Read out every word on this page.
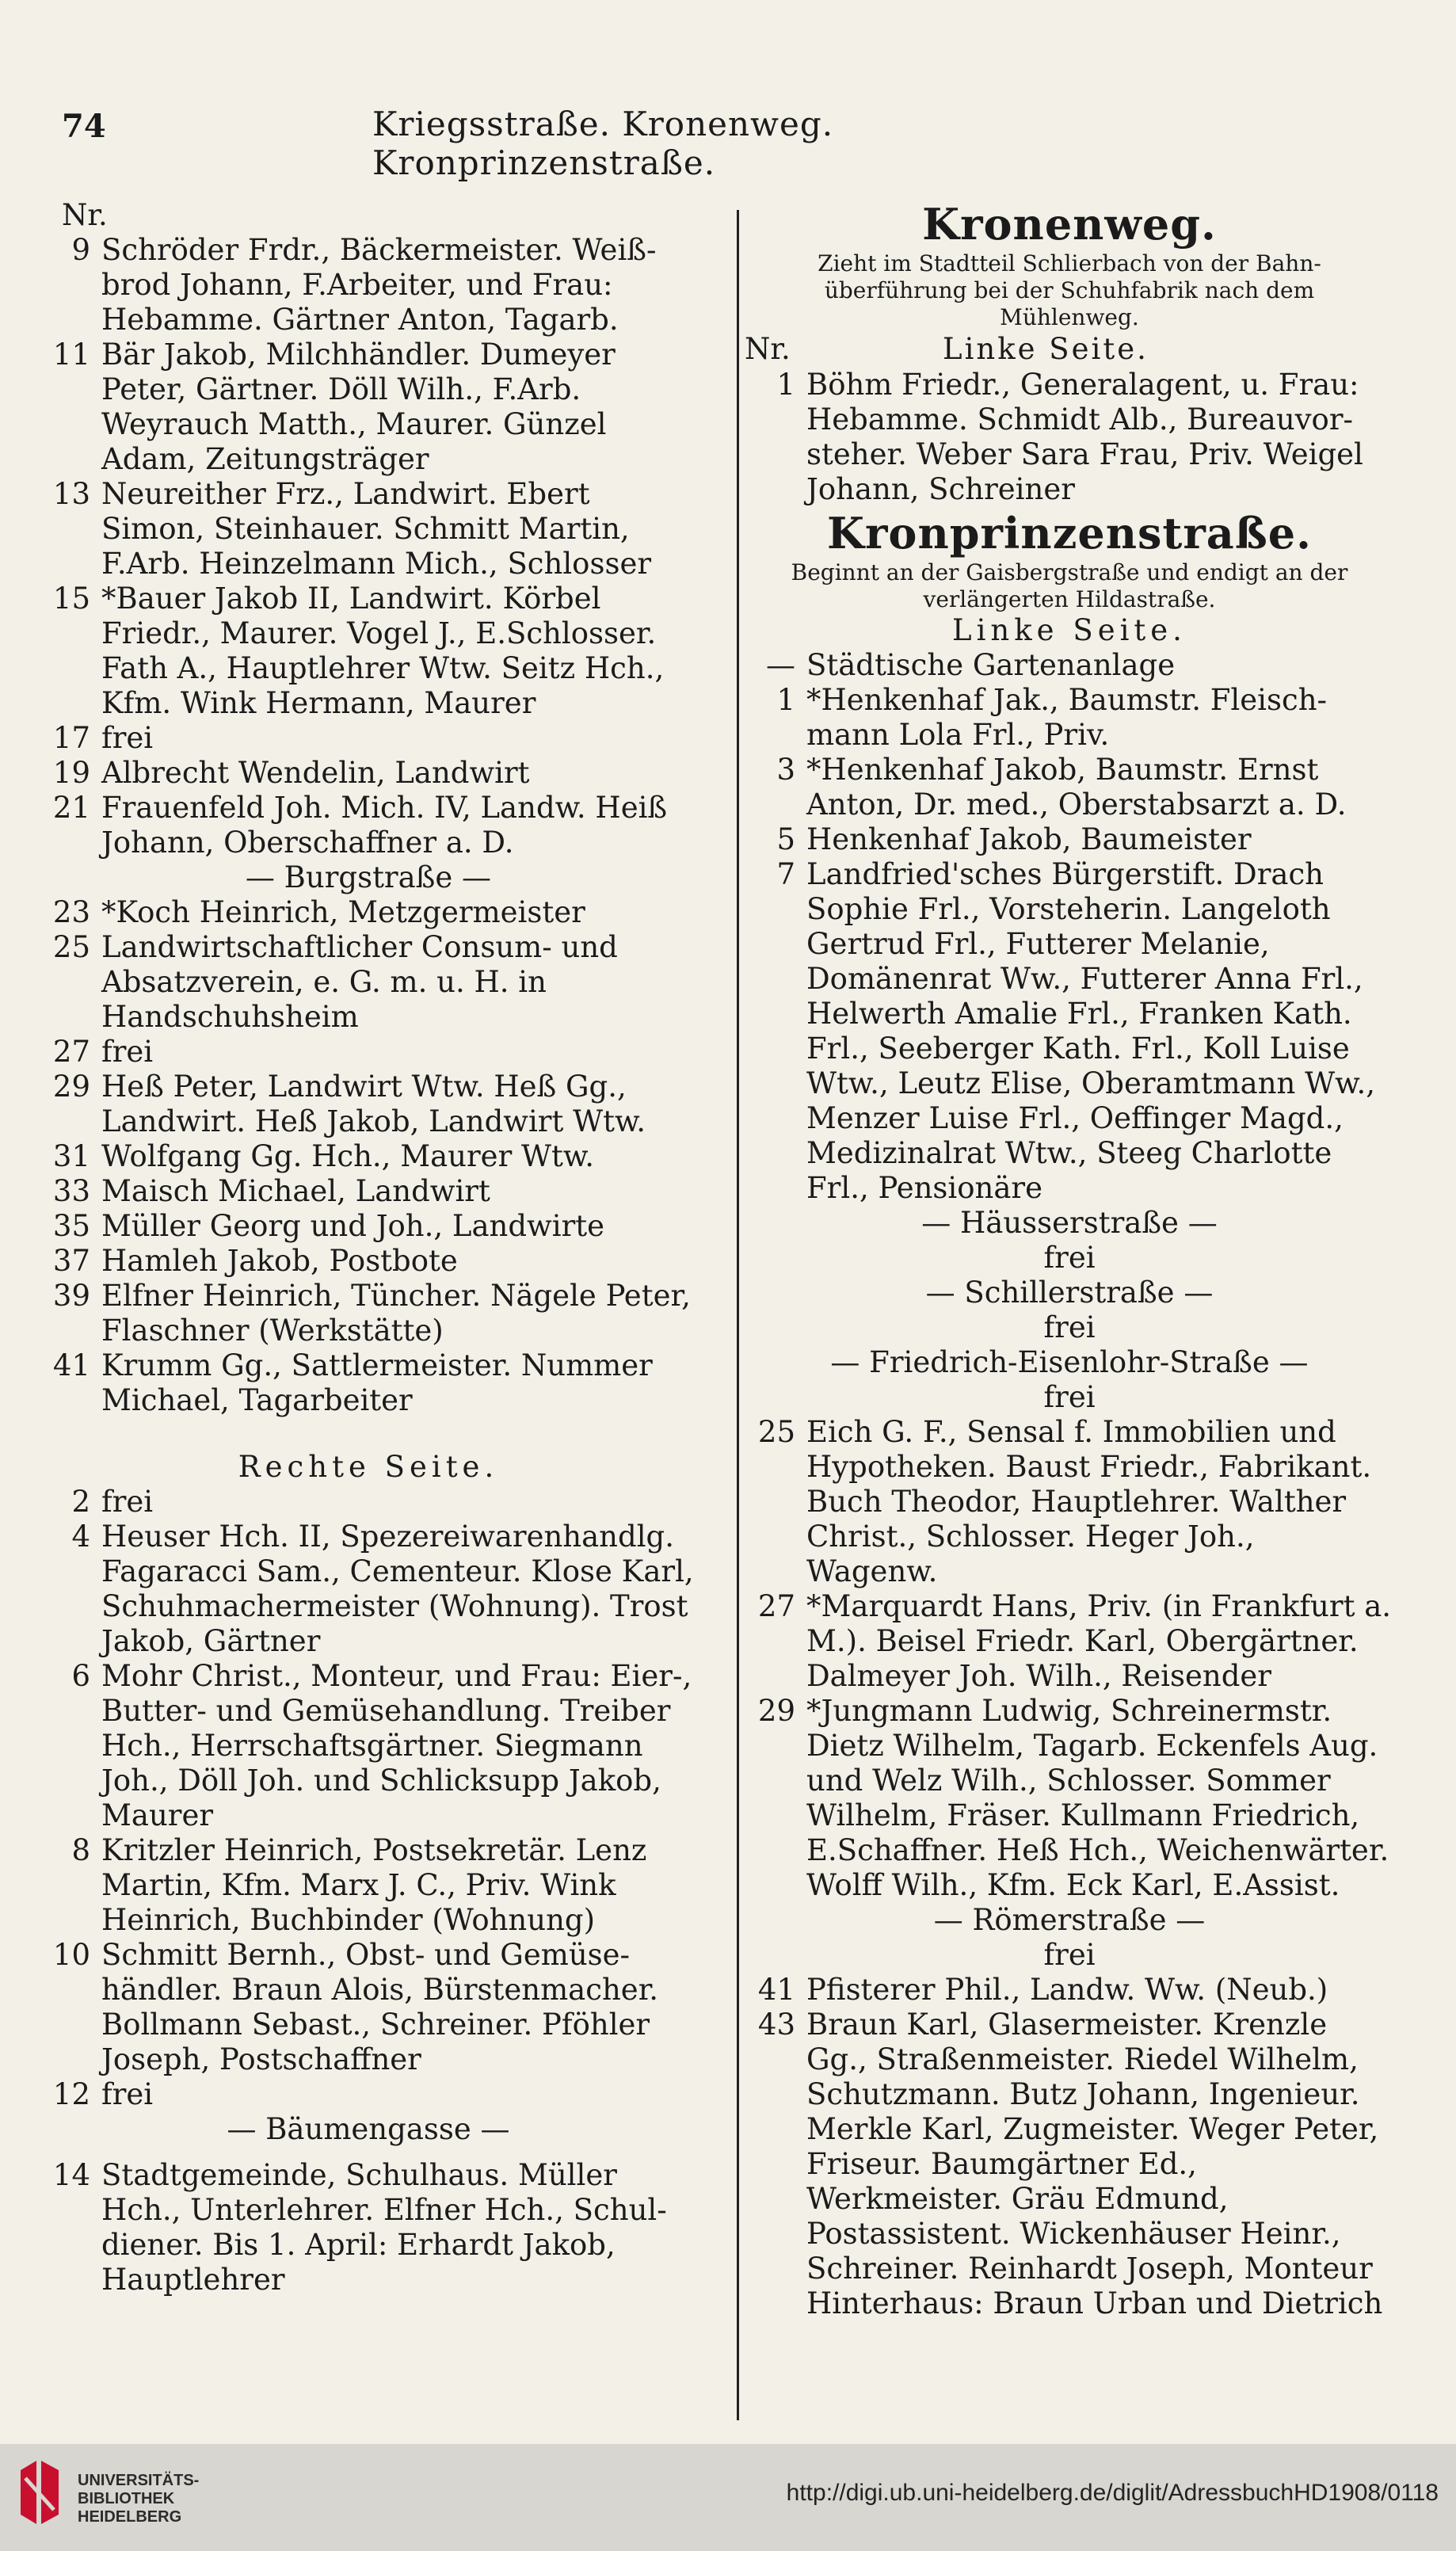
74	Kriegsstraße. Kronenweg. Kronprinzenstraße.
Nr.
9 Schröder Frdr., Bäckermeister. Weißbrod Johann, F.Arbeiter, und Frau: Hebamme. Gärtner Anton, Tagarb.
11 Bär Jakob, Milchhändler. Dumeyer Peter, Gärtner. Döll Wilh., F.Arb. Weyrauch Matth., Maurer. Günzel Adam, Zeitungsträger
13 Neureither Frz., Landwirt. Ebert Simon, Steinhauer. Schmitt Martin, F.Arb. Heinzelmann Mich., Schlosser
15 *Bauer Jakob II, Landwirt. Körbel Friedr., Maurer. Vogel J., E.Schlosser. Fath A., Hauptlehrer Wtw. Seitz Hch., Kfm. Wink Hermann, Maurer
17 frei
19 Albrecht Wendelin, Landwirt
21 Frauenfeld Joh. Mich. IV, Landw. Heiß Johann, Oberschaffner a. D.
— Burgstraße —
23 *Koch Heinrich, Metzgermeister
25 Landwirtschaftlicher Consum- und Absatzverein, e. G. m. u. H. in Handschuhsheim
27 frei
29 Heß Peter, Landwirt Wtw. Heß Gg., Landwirt. Heß Jakob, Landwirt Wtw.
31 Wolfgang Gg. Hch., Maurer Wtw.
33 Maisch Michael, Landwirt
35 Müller Georg und Joh., Landwirte
37 Hamleh Jakob, Postbote
39 Elfner Heinrich, Tüncher. Nägele Peter, Flaschner (Werkstätte)
41 Krumm Gg., Sattlermeister. Nummer Michael, Tagarbeiter
Rechte Seite.
2 frei
4 Heuser Hch. II, Spezereiwarenhandlg. Fagaracci Sam., Cementeur. Klose Karl, Schuhmachermeister (Wohnung). Trost Jakob, Gärtner
6 Mohr Christ., Monteur, und Frau: Eier-, Butter- und Gemüsehandlung. Treiber Hch., Herrschaftsgärtner. Siegmann Joh., Döll Joh. und Schlicksupp Jakob, Maurer
8 Kritzler Heinrich, Postsekretär. Lenz Martin, Kfm. Marx J. C., Priv. Wink Heinrich, Buchbinder (Wohnung)
10 Schmitt Bernh., Obst- und Gemüsehändler. Braun Alois, Bürstenmacher. Bollmann Sebast., Schreiner. Pföhler Joseph, Postschaffner
12 frei
— Bäumengasse —
14 Stadtgemeinde, Schulhaus. Müller Hch., Unterlehrer. Elfner Hch., Schuldiener. Bis 1. April: Erhardt Jakob, Hauptlehrer
Kronenweg.
Zieht im Stadtteil Schlierbach von der Bahnüberführung bei der Schuhfabrik nach dem Mühlenweg.
Nr.	Linke Seite.
1 Böhm Friedr., Generalagent, u. Frau: Hebamme. Schmidt Alb., Bureauvorsteher. Weber Sara Frau, Priv. Weigel Johann, Schreiner
Kronprinzenstraße.
Beginnt an der Gaisbergstraße und endigt an der verlängerten Hildastraße.
Linke Seite.
— Städtische Gartenanlage
1 *Henkenhaf Jak., Baumstr. Fleischmann Lola Frl., Priv.
3 *Henkenhaf Jakob, Baumstr. Ernst Anton, Dr. med., Oberstabsarzt a. D.
5 Henkenhaf Jakob, Baumeister
7 Landfried'sches Bürgerstift. Drach Sophie Frl., Vorsteherin. Langeloth Gertrud Frl., Futterer Melanie, Domänenrat Ww., Futterer Anna Frl., Helwerth Amalie Frl., Franken Kath. Frl., Seeberger Kath. Frl., Koll Luise Wtw., Leutz Elise, Oberamtmann Ww., Menzer Luise Frl., Oeffinger Magd., Medizinalrat Wtw., Steeg Charlotte Frl., Pensionäre
— Häusserstraße —
frei
— Schillerstraße —
frei
— Friedrich-Eisenlohr-Straße —
frei
25 Eich G. F., Sensal f. Immobilien und Hypotheken. Baust Friedr., Fabrikant. Buch Theodor, Hauptlehrer. Walther Christ., Schlosser. Heger Joh., Wagenw.
27 *Marquardt Hans, Priv. (in Frankfurt a. M.). Beisel Friedr. Karl, Obergärtner. Dalmeyer Joh. Wilh., Reisender
29 *Jungmann Ludwig, Schreinermstr. Dietz Wilhelm, Tagarb. Eckenfels Aug. und Welz Wilh., Schlosser. Sommer Wilhelm, Fräser. Kullmann Friedrich, E.Schaffner. Heß Hch., Weichenwärter. Wolff Wilh., Kfm. Eck Karl, E.Assist.
— Römerstraße —
frei
41 Pfisterer Phil., Landw. Ww. (Neub.)
43 Braun Karl, Glasermeister. Krenzle Gg., Straßenmeister. Riedel Wilhelm, Schutzmann. Butz Johann, Ingenieur. Merkle Karl, Zugmeister. Weger Peter, Friseur. Baumgärtner Ed., Werkmeister. Gräu Edmund, Postassistent. Wickenhäuser Heinr., Schreiner. Reinhardt Joseph, Monteur
Hinterhaus: Braun Urban und Dietrich
UNIVERSITÄTS-
BIBLIOTHEK
HEIDELBERG
http://digi.ub.uni-heidelberg.de/diglit/AdressbuchHD1908/0118
